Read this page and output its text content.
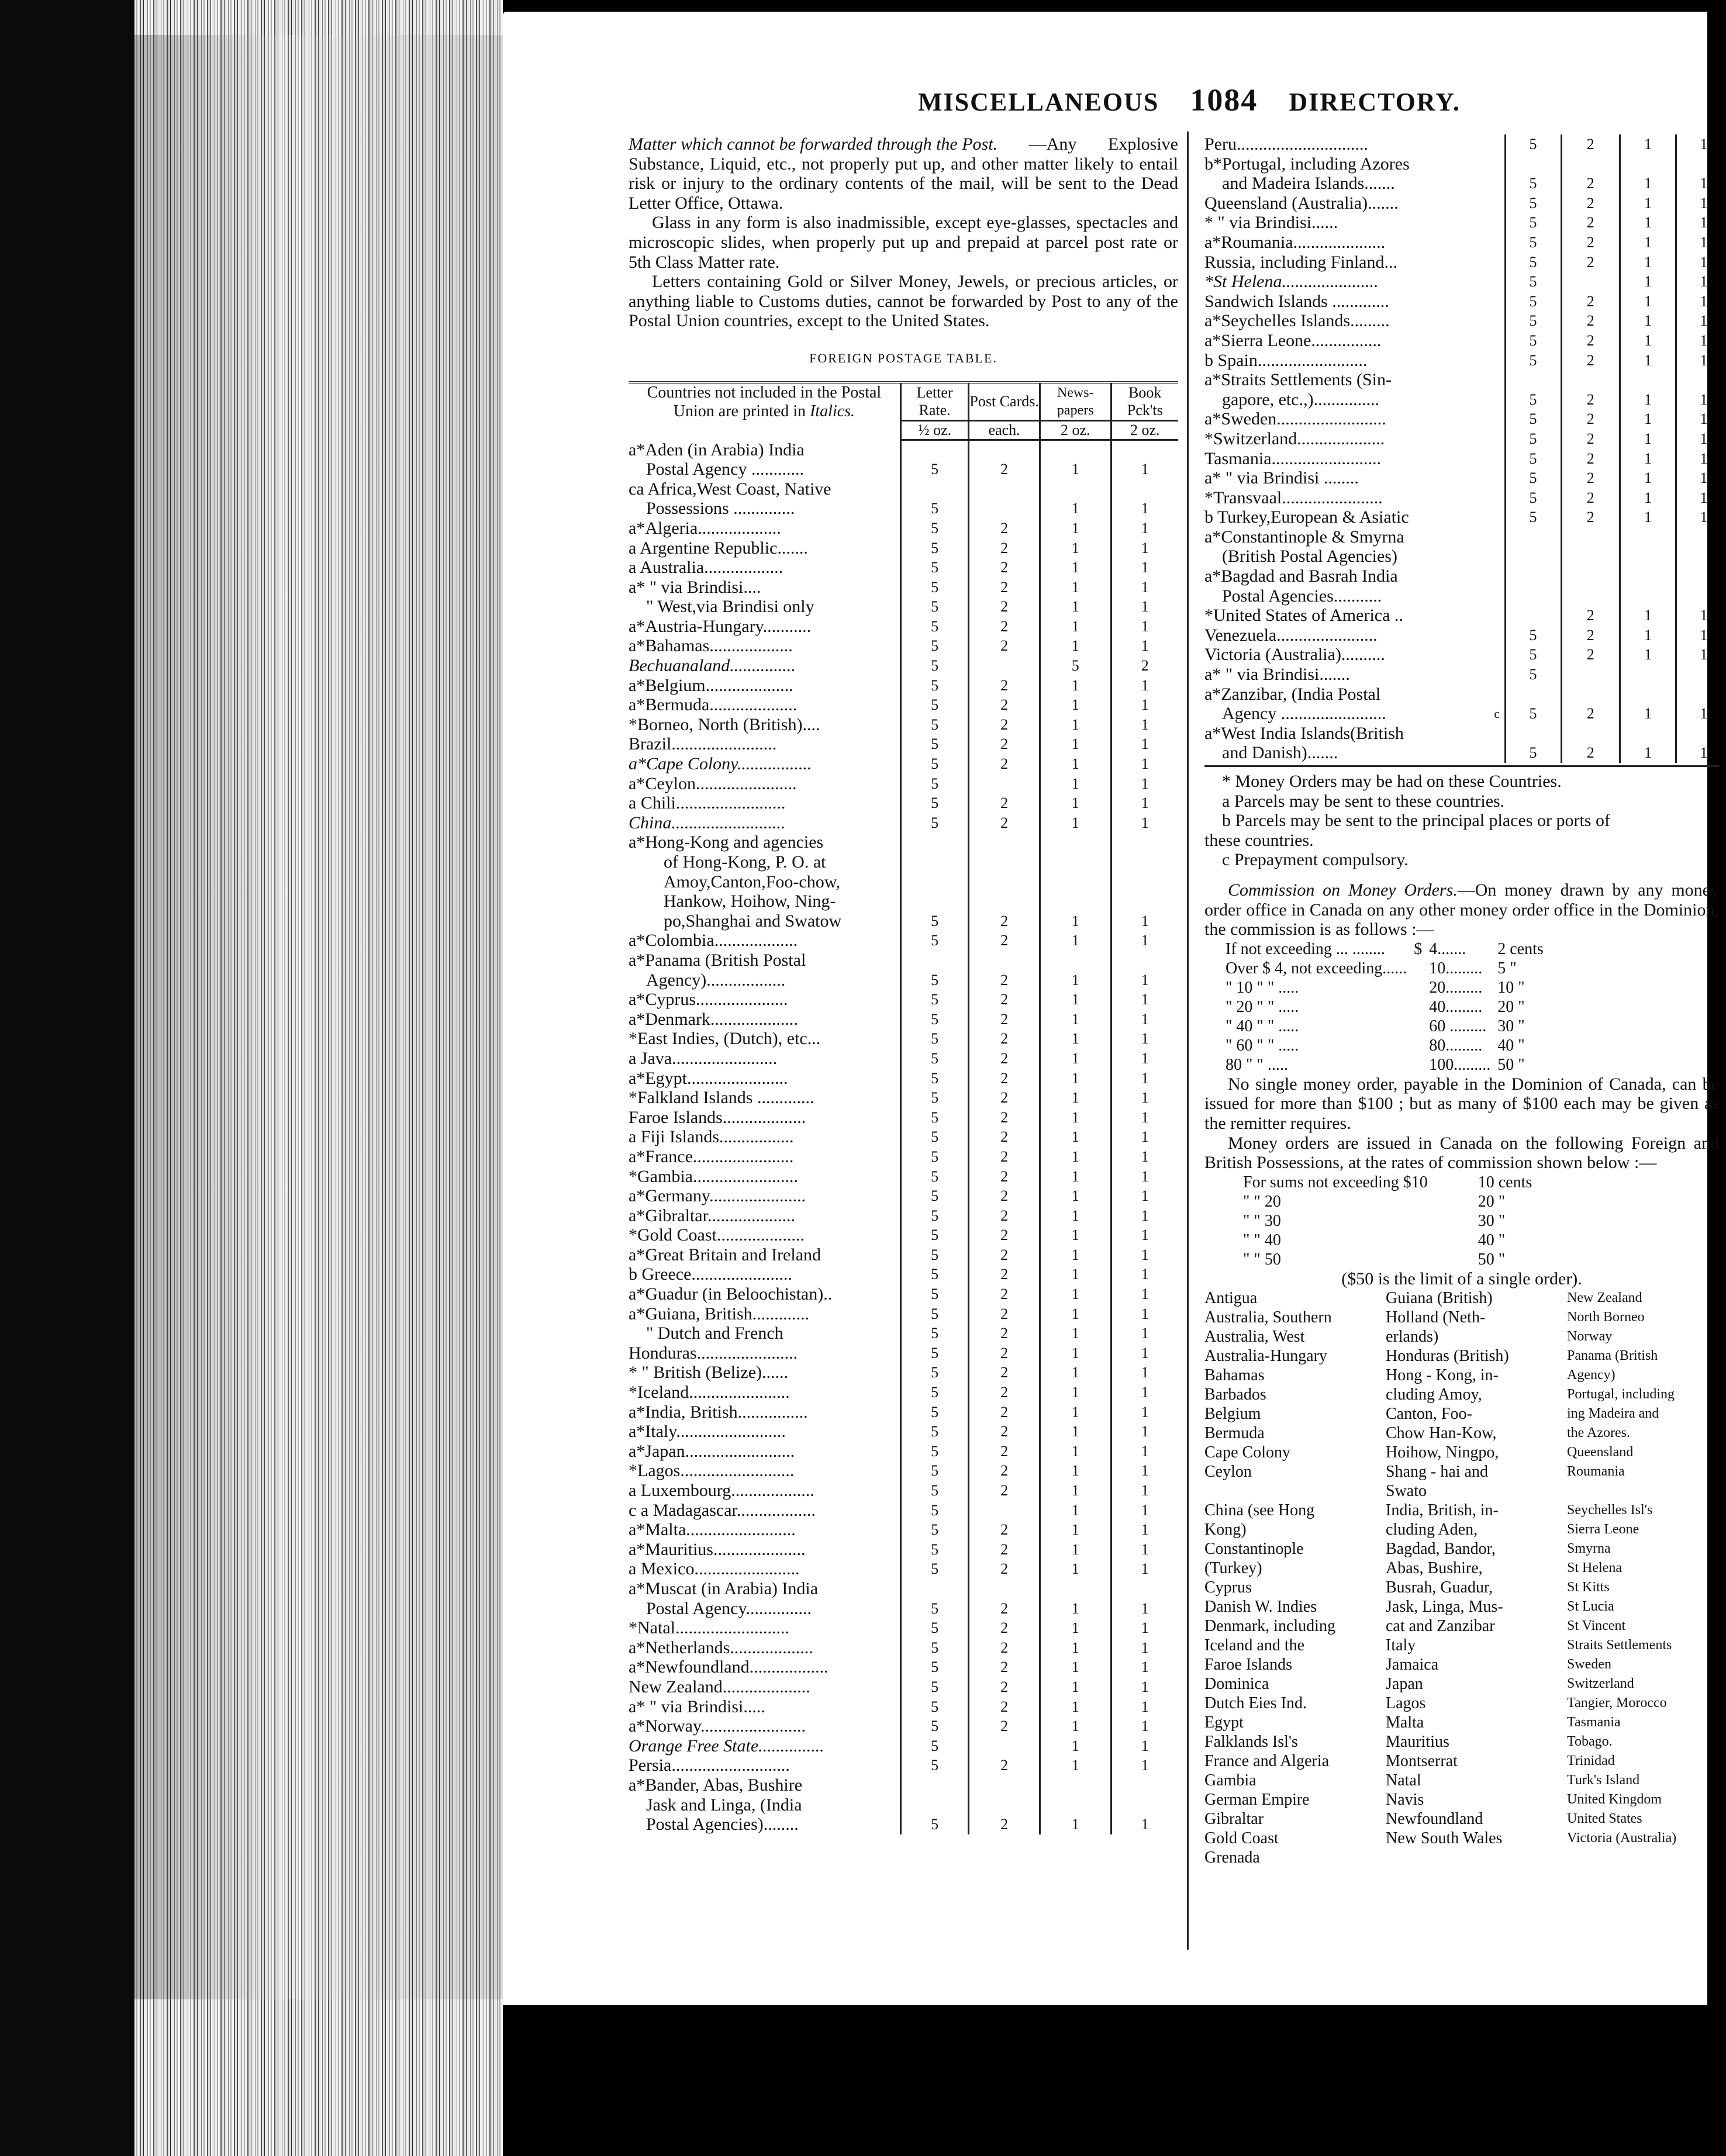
MISCELLANEOUS 1084 DIRECTORY.

Matter which cannot be forwarded through the Post. —Any Explosive Substance, Liquid, etc., not properly put up, and other matter likely to entail risk or injury to the ordinary contents of the mail, will be sent to the Dead Letter Office, Ottawa.

Glass in any form is also inadmissible, except eye-glasses, spectacles and microscopic slides, when properly put up and prepaid at parcel post rate or 5th Class Matter rate.

Letters containing Gold or Silver Money, Jewels, or precious articles, or anything liable to Customs duties, cannot be forwarded by Post to any of the Postal Union countries, except to the United States.

FOREIGN POSTAGE TABLE.
Countries not included in the Postal Union are printed in Italics.	Letter Rate.	Post Cards.	News-papers	Book Pck'ts
	½ oz.	each.	2 oz.	2 oz.
a*Aden (in Arabia) India				
Postal Agency ............	5	2	1	1
ca Africa,West Coast, Native				
Possessions ..............	5		1	1
a*Algeria...................	5	2	1	1
a Argentine Republic.......	5	2	1	1
a Australia..................	5	2	1	1
a* " via Brindisi....	5	2	1	1
" West,via Brindisi only	5	2	1	1
a*Austria-Hungary...........	5	2	1	1
a*Bahamas...................	5	2	1	1
Bechuanaland...............	5		5	2
a*Belgium....................	5	2	1	1
a*Bermuda....................	5	2	1	1
*Borneo, North (British)....	5	2	1	1
Brazil........................	5	2	1	1
a*Cape Colony.................	5	2	1	1
a*Ceylon.......................	5		1	1
a Chili.........................	5	2	1	1
China..........................	5	2	1	1
a*Hong-Kong and agencies				
of Hong-Kong, P. O. at				
Amoy,Canton,Foo-chow,				
Hankow, Hoihow, Ning-				
po,Shanghai and Swatow	5	2	1	1
a*Colombia...................	5	2	1	1
a*Panama (British Postal				
Agency)..................	5	2	1	1
a*Cyprus.....................	5	2	1	1
a*Denmark....................	5	2	1	1
*East Indies, (Dutch), etc...	5	2	1	1
a Java........................	5	2	1	1
a*Egypt.......................	5	2	1	1
*Falkland Islands .............	5	2	1	1
Faroe Islands...................	5	2	1	1
a Fiji Islands.................	5	2	1	1
a*France.......................	5	2	1	1
*Gambia........................	5	2	1	1
a*Germany......................	5	2	1	1
a*Gibraltar....................	5	2	1	1
*Gold Coast....................	5	2	1	1
a*Great Britain and Ireland	5	2	1	1
b Greece.......................	5	2	1	1
a*Guadur (in Beloochistan)..	5	2	1	1
a*Guiana, British.............	5	2	1	1
" Dutch and French	5	2	1	1
Honduras.......................	5	2	1	1
* " British (Belize)......	5	2	1	1
*Iceland.......................	5	2	1	1
a*India, British................	5	2	1	1
a*Italy.........................	5	2	1	1
a*Japan.........................	5	2	1	1
*Lagos..........................	5	2	1	1
a Luxembourg...................	5	2	1	1
c a Madagascar..................	5		1	1
a*Malta.........................	5	2	1	1
a*Mauritius.....................	5	2	1	1
a Mexico........................	5	2	1	1
a*Muscat (in Arabia) India				
Postal Agency...............	5	2	1	1
*Natal..........................	5	2	1	1
a*Netherlands...................	5	2	1	1
a*Newfoundland..................	5	2	1	1
New Zealand....................	5	2	1	1
a* " via Brindisi.....	5	2	1	1
a*Norway........................	5	2	1	1
Orange Free State...............	5		1	1
Persia...........................	5	2	1	1
a*Bander, Abas, Bushire				
Jask and Linga, (India				
Postal Agencies)........	5	2	1	1
Peru..............................		5	2	1	1
b*Portugal, including Azores					
and Madeira Islands.......		5	2	1	1
Queensland (Australia).......		5	2	1	1
* " via Brindisi......		5	2	1	1
a*Roumania.....................		5	2	1	1
Russia, including Finland...		5	2	1	1
*St Helena......................		5		1	1
Sandwich Islands .............		5	2	1	1
a*Seychelles Islands.........		5	2	1	1
a*Sierra Leone................		5	2	1	1
b Spain.........................		5	2	1	1
a*Straits Settlements (Sin-					
gapore, etc.,)...............		5	2	1	1
a*Sweden.........................		5	2	1	1
*Switzerland....................		5	2	1	1
Tasmania.........................		5	2	1	1
a* " via Brindisi ........		5	2	1	1
*Transvaal.......................		5	2	1	1
b Turkey,European & Asiatic		5	2	1	1
a*Constantinople & Smyrna					
(British Postal Agencies)					
a*Bagdad and Basrah India					
Postal Agencies...........					
*United States of America ..			2	1	1
Venezuela.......................		5	2	1	1
Victoria (Australia)..........		5	2	1	1
a* " via Brindisi.......		5			
a*Zanzibar, (India Postal					
Agency ........................	c	5	2	1	1
a*West India Islands(British					
and Danish).......		5	2	1	1

* Money Orders may be had on these Countries.

a Parcels may be sent to these countries.

b Parcels may be sent to the principal places or ports of

these countries.

c Prepayment compulsory.

Commission on Money Orders.—On money drawn by any money order office in Canada on any other money order office in the Dominion, the commission is as follows :—

If not exceeding ... ........	$	4.......	2 cents
Over $ 4, not exceeding......		10.........	5 "
" 10 " " .....		20.........	10 "
" 20 " " .....		40.........	20 "
" 40 " " .....		60 .........	30 "
" 60 " " .....		80.........	40 "
80 " " .....		100.........	50 "

No single money order, payable in the Dominion of Canada, can be issued for more than $100 ; but as many of $100 each may be given as the remitter requires.

Money orders are issued in Canada on the following Foreign and British Possessions, at the rates of commission shown below :—

For sums not exceeding $10	10 cents
" " 20	20 "
" " 30	30 "
" " 40	40 "
" " 50	50 "

($50 is the limit of a single order).

Antigua	Guiana (British)	New Zealand
Australia, Southern	Holland (Neth-	North Borneo
Australia, West	erlands)	Norway
Australia-Hungary	Honduras (British)	Panama (British
Bahamas	Hong - Kong, in-	Agency)
Barbados	cluding Amoy,	Portugal, including
Belgium	Canton, Foo-	ing Madeira and
Bermuda	Chow Han-Kow,	the Azores.
Cape Colony	Hoihow, Ningpo,	Queensland
Ceylon	Shang - hai and	Roumania
	Swato	
China (see Hong	India, British, in-	Seychelles Isl's
Kong)	cluding Aden,	Sierra Leone
Constantinople	Bagdad, Bandor,	Smyrna
(Turkey)	Abas, Bushire,	St Helena
Cyprus	Busrah, Guadur,	St Kitts
Danish W. Indies	Jask, Linga, Mus-	St Lucia
Denmark, including	cat and Zanzibar	St Vincent
Iceland and the	Italy	Straits Settlements
Faroe Islands	Jamaica	Sweden
Dominica	Japan	Switzerland
Dutch Eies Ind.	Lagos	Tangier, Morocco
Egypt	Malta	Tasmania
Falklands Isl's	Mauritius	Tobago.
France and Algeria	Montserrat	Trinidad
Gambia	Natal	Turk's Island
German Empire	Navis	United Kingdom
Gibraltar	Newfoundland	United States
Gold Coast	New South Wales	Victoria (Australia)
Grenada		
